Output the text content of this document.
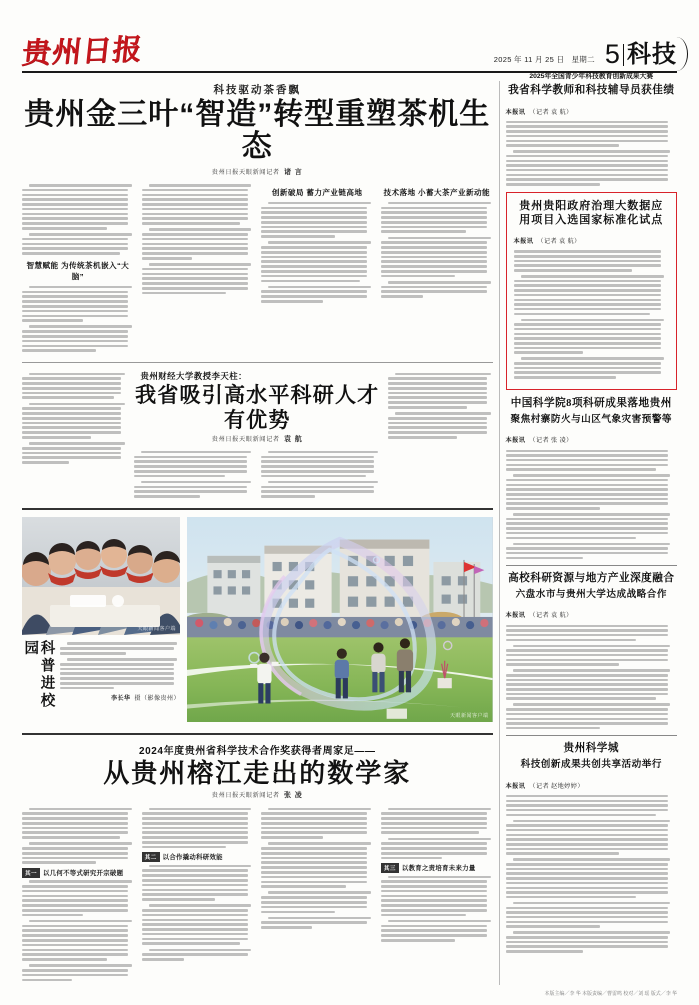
贵州日报	2025 年 11 月 25 日 星期二 5 科技
科技驱动茶香飘
贵州金三叶“智造”转型重塑茶机生态
贵州日报天眼新闻记者 诸 言
智慧赋能 为传统茶机嵌入“大脑”
创新破局 蓄力产业链高地	技术落地 小蓄大茶产业新动能
贵州财经大学教授李天柱：
我省吸引高水平科研人才有优势
贵州日报天眼新闻记者 袁 航
天眼新闻客户端
科普进校园
李长华 摄（影像贵州）
天眼新闻客户端
2024年度贵州省科学技术合作奖获得者周家足——
从贵州榕江走出的数学家
贵州日报天眼新闻记者 张 凌
其一 以几何不等式研究开宗破题
其二 以合作撬动科研效能
其三 以教育之责培育未来力量
2025年全国青少年科技教育创新成果大赛
我省科学教师和科技辅导员获佳绩
本报讯 （记者 袁 航）
贵州贵阳政府治理大数据应用项目入选国家标准化试点
本报讯 （记者 袁 航）
中国科学院8项科研成果落地贵州
聚焦村寨防火与山区气象灾害预警等
本报讯 （记者 张 凌）
高校科研资源与地方产业深度融合
六盘水市与贵州大学达成战略合作
本报讯 （记者 袁 航）
贵州科学城
科技创新成果共创共享活动举行
本报讯 （记者 赵地婷婷）
本版主编／李 华 本版责编／曹雷鸣 校对／刘 瑶 版式／李 华
